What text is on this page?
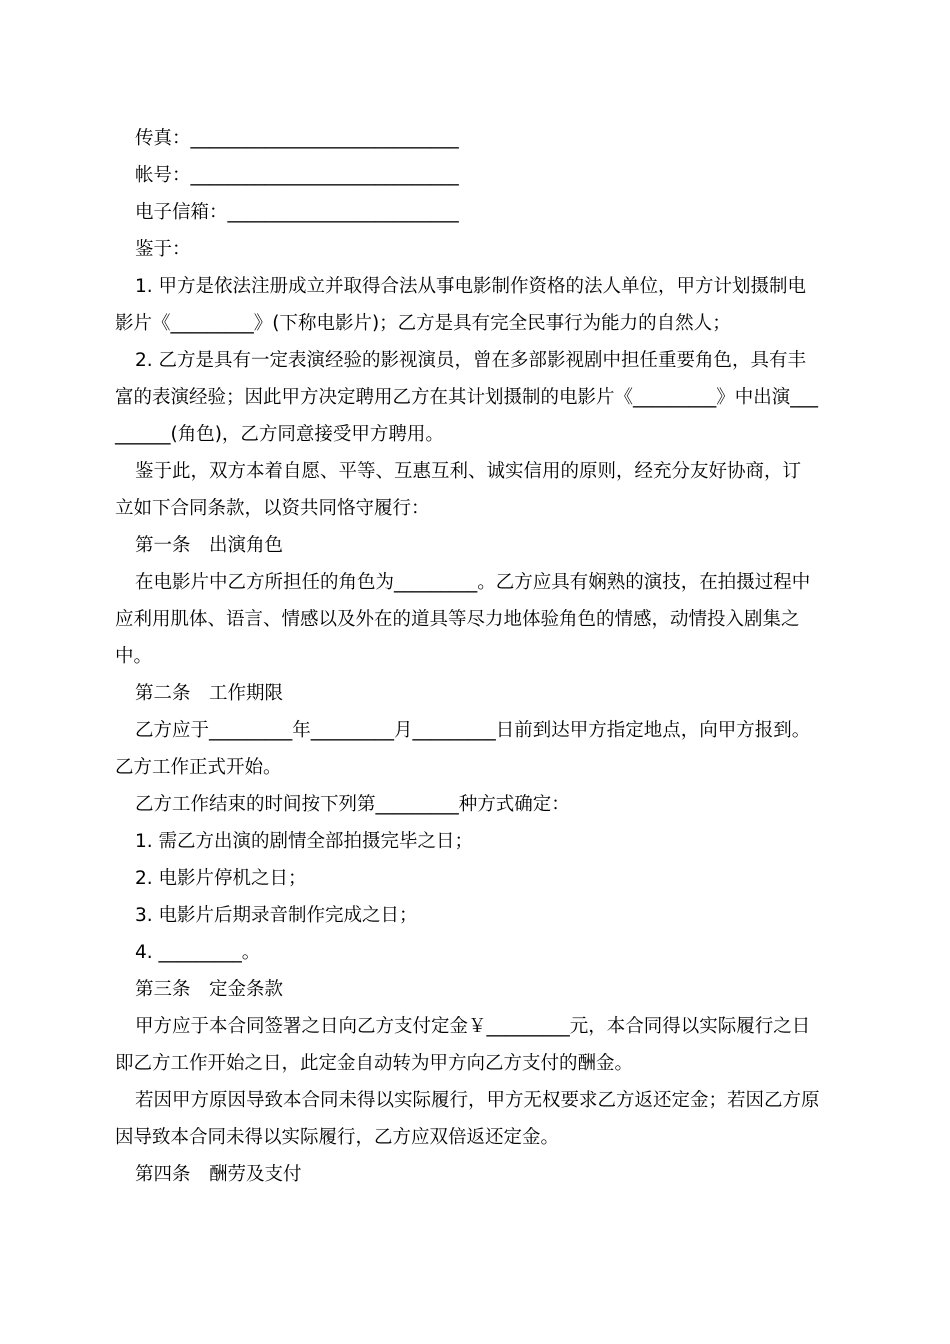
传真：_____________________________

帐号：_____________________________

电子信箱：_________________________

鉴于：

1. 甲方是依法注册成立并取得合法从事电影制作资格的法人单位，甲方计划摄制电

影片《_________》(下称电影片)；乙方是具有完全民事行为能力的自然人；

2. 乙方是具有一定表演经验的影视演员，曾在多部影视剧中担任重要角色，具有丰

富的表演经验；因此甲方决定聘用乙方在其计划摄制的电影片《_________》中出演___

______(角色)，乙方同意接受甲方聘用。

鉴于此，双方本着自愿、平等、互惠互利、诚实信用的原则，经充分友好协商，订

立如下合同条款，以资共同恪守履行：

第一条　出演角色

在电影片中乙方所担任的角色为_________。乙方应具有娴熟的演技，在拍摄过程中

应利用肌体、语言、情感以及外在的道具等尽力地体验角色的情感，动情投入剧集之

中。

第二条　工作期限

乙方应于_________年_________月_________日前到达甲方指定地点，向甲方报到。

乙方工作正式开始。

乙方工作结束的时间按下列第_________种方式确定：

1. 需乙方出演的剧情全部拍摄完毕之日；

2. 电影片停机之日；

3. 电影片后期录音制作完成之日；

4. _________。

第三条　定金条款

甲方应于本合同签署之日向乙方支付定金￥_________元，本合同得以实际履行之日

即乙方工作开始之日，此定金自动转为甲方向乙方支付的酬金。

若因甲方原因导致本合同未得以实际履行，甲方无权要求乙方返还定金；若因乙方原

因导致本合同未得以实际履行，乙方应双倍返还定金。

第四条　酬劳及支付
